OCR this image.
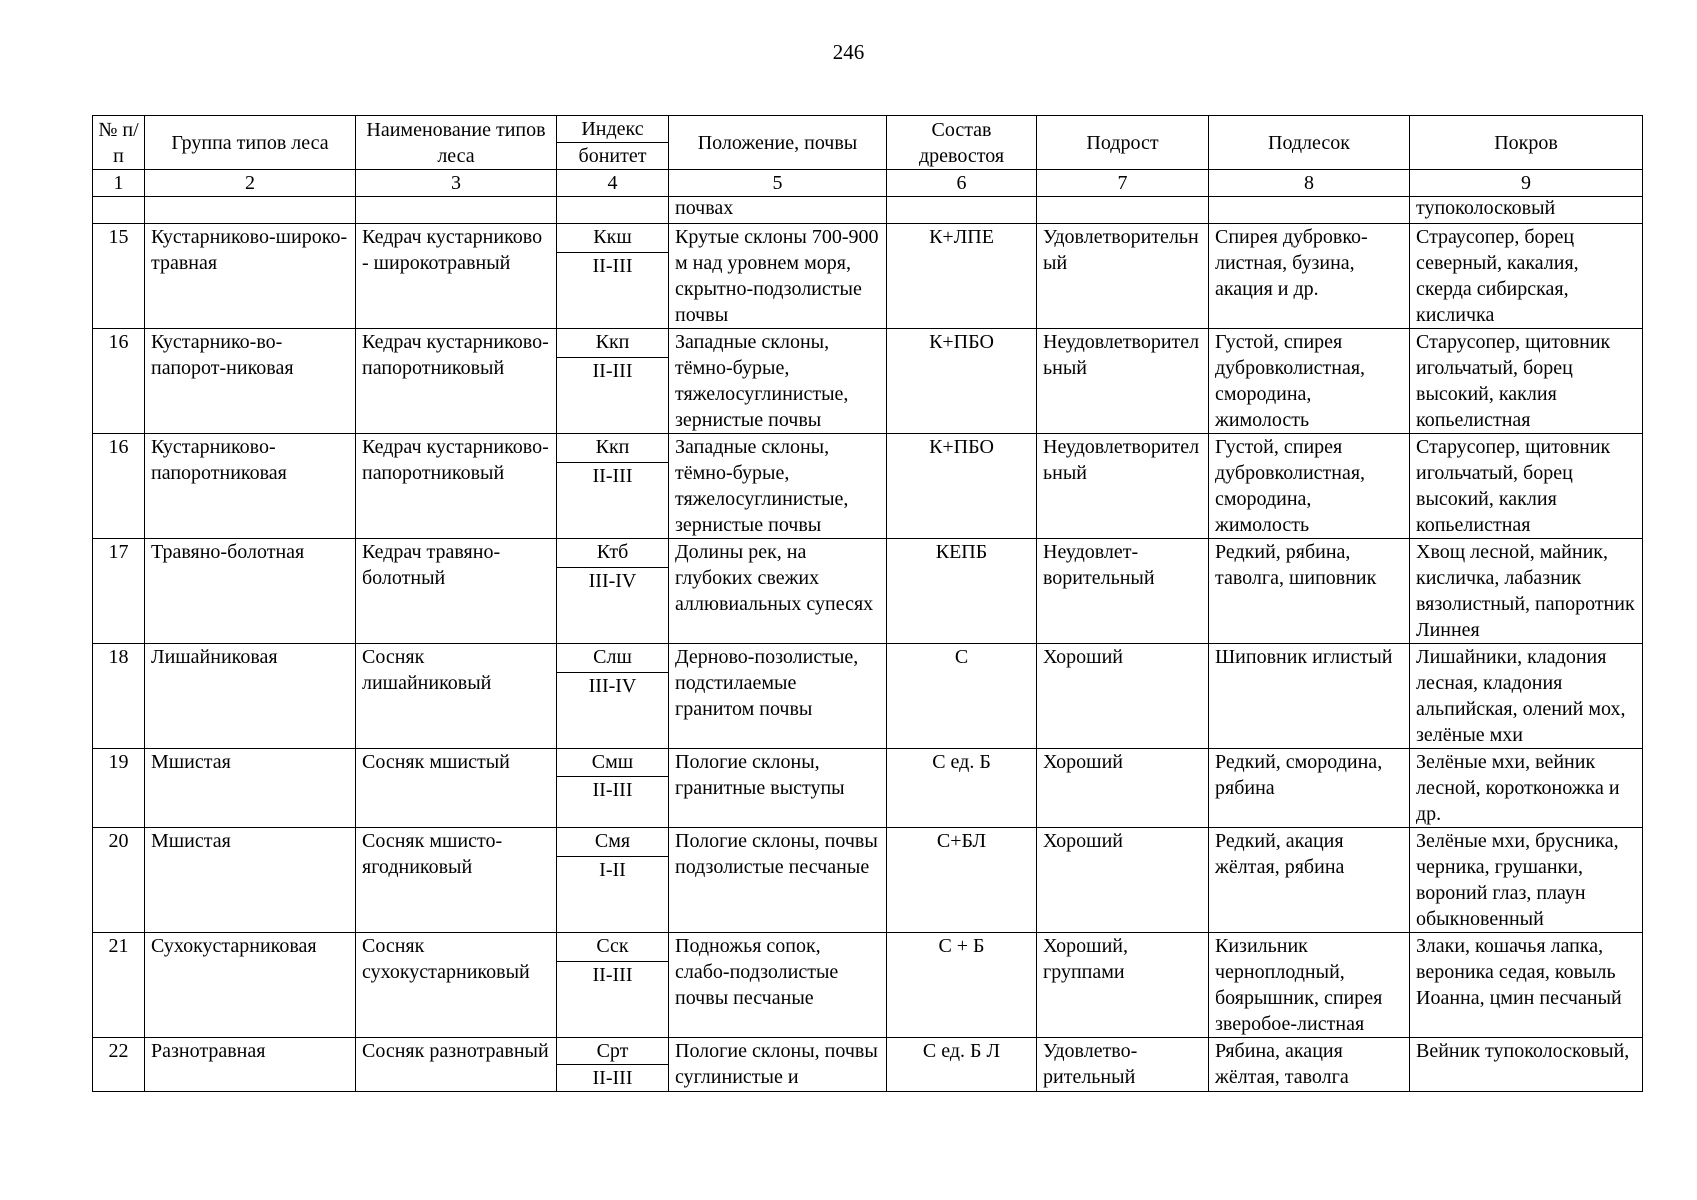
246
№ п/п	Группа типов леса	Наименование типов леса	Индекс	Положение, почвы	Состав древостоя	Подрост	Подлесок	Покров
			бонитет					
1	2	3	4	5	6	7	8	9
				почвах				тупоколосковый
15	Кустарниково-широко-травная	Кедрач кустарниково - широкотравный	Ккш	Крутые склоны 700-900 м над уровнем моря, скрытно-подзолистые почвы	К+ЛПЕ	Удовлетворительный	Спирея дубровко-листная, бузина, акация и др.	Страусопер, борец северный, какалия, скерда сибирская, кисличка
			II-III					
16	Кустарнико-во-папорот-никовая	Кедрач кустарниково-папоротниковый	Ккп	Западные склоны, тёмно-бурые, тяжелосуглинистые, зернистые почвы	К+ПБО	Неудовлетворительный	Густой, спирея дубровколистная, смородина, жимолость	Старусопер, щитовник игольчатый, борец высокий, каклия копьелистная
			II-III					
16	Кустарниково-папоротниковая	Кедрач кустарниково-папоротниковый	Ккп	Западные склоны, тёмно-бурые, тяжелосуглинистые, зернистые почвы	К+ПБО	Неудовлетворительный	Густой, спирея дубровколистная, смородина, жимолость	Старусопер, щитовник игольчатый, борец высокий, каклия копьелистная
			II-III					
17	Травяно-болотная	Кедрач травяно-болотный	Ктб	Долины рек, на глубоких свежих аллювиальных супесях	КЕПБ	Неудовлет-ворительный	Редкий, рябина, таволга, шиповник	Хвощ лесной, майник, кисличка, лабазник вязолистный, папоротник Линнея
			III-IV					
18	Лишайниковая	Сосняк лишайниковый	Слш	Дерново-позолистые, подстилаемые гранитом почвы	С	Хороший	Шиповник иглистый	Лишайники, кладония лесная, кладония альпийская, олений мох, зелёные мхи
			III-IV					
19	Мшистая	Сосняк мшистый	Смш	Пологие склоны, гранитные выступы	С ед. Б	Хороший	Редкий, смородина, рябина	Зелёные мхи, вейник лесной, коротконожка и др.
			II-III					
20	Мшистая	Сосняк мшисто-ягодниковый	Смя	Пологие склоны, почвы подзолистые песчаные	С+БЛ	Хороший	Редкий, акация жёлтая, рябина	Зелёные мхи, брусника, черника, грушанки, вороний глаз, плаун обыкновенный
			I-II					
21	Сухокустарниковая	Сосняк сухокустарниковый	Сск	Подножья сопок, слабо-подзолистые почвы песчаные	С + Б	Хороший, группами	Кизильник черноплодный, боярышник, спирея зверобое-листная	Злаки, кошачья лапка, вероника седая, ковыль Иоанна, цмин песчаный
			II-III					
22	Разнотравная	Сосняк разнотравный	Срт	Пологие склоны, почвы суглинистые и	С ед. Б Л	Удовлетво-рительный	Рябина, акация жёлтая, таволга	Вейник тупоколосковый,
			II-III					
